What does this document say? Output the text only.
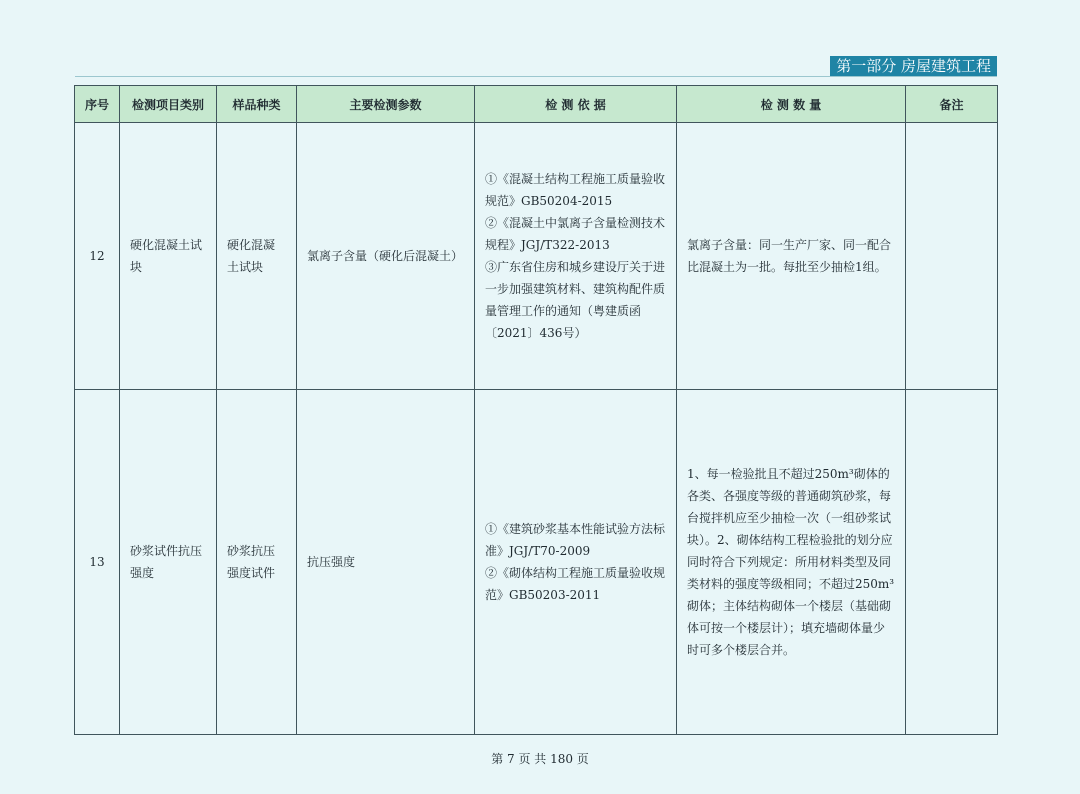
第一部分 房屋建筑工程
序号	检测项目类别	样品种类	主要检测参数	检 测 依 据	检 测 数 量	备注
12	硬化混凝土试块	硬化混凝土试块	氯离子含量（硬化后混凝土）	①《混凝土结构工程施工质量验收规范》GB50204-2015
②《混凝土中氯离子含量检测技术规程》JGJ/T322-2013
③广东省住房和城乡建设厅关于进一步加强建筑材料、建筑构配件质量管理工作的通知（粤建质函〔2021〕436号）	氯离子含量：同一生产厂家、同一配合比混凝土为一批。每批至少抽检1组。	
13	砂浆试件抗压强度	砂浆抗压强度试件	抗压强度	①《建筑砂浆基本性能试验方法标准》JGJ/T70-2009
②《砌体结构工程施工质量验收规范》GB50203-2011	1、每一检验批且不超过250m³砌体的各类、各强度等级的普通砌筑砂浆，每台搅拌机应至少抽检一次（一组砂浆试块）。2、砌体结构工程检验批的划分应同时符合下列规定：所用材料类型及同类材料的强度等级相同；不超过250m³砌体；主体结构砌体一个楼层（基础砌体可按一个楼层计）；填充墙砌体量少时可多个楼层合并。	
第 7 页 共 180 页
